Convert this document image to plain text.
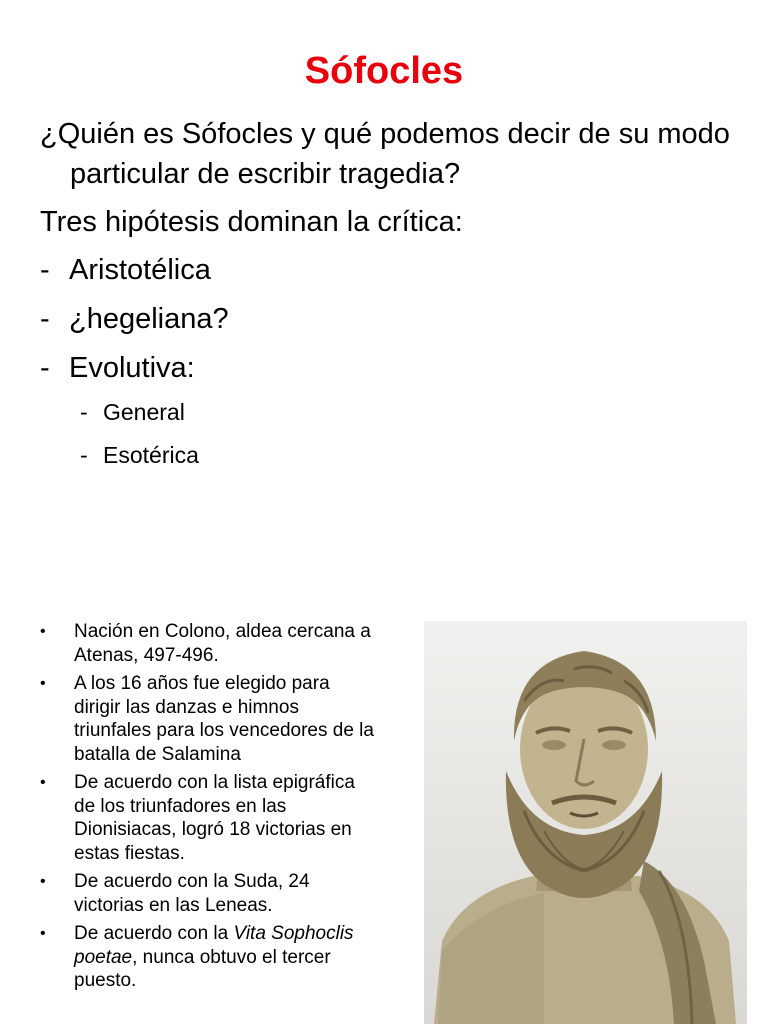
Sófocles

¿Quién es Sófocles y qué podemos decir de su modo particular de escribir tragedia?

Tres hipótesis dominan la crítica:

- Aristotélica
- ¿hegeliana?
- Evolutiva:
- General
- Esotérica
•	Nación en Colono, aldea cercana a Atenas, 497-496.
•	A los 16 años fue elegido para dirigir las danzas e himnos triunfales para los vencedores de la batalla de Salamina
•	De acuerdo con la lista epigráfica de los triunfadores en las Dionisiacas, logró 18 victorias en estas fiestas.
•	De acuerdo con la Suda, 24 victorias en las Leneas.
•	De acuerdo con la Vita Sophoclis poetae, nunca obtuvo el tercer puesto.
